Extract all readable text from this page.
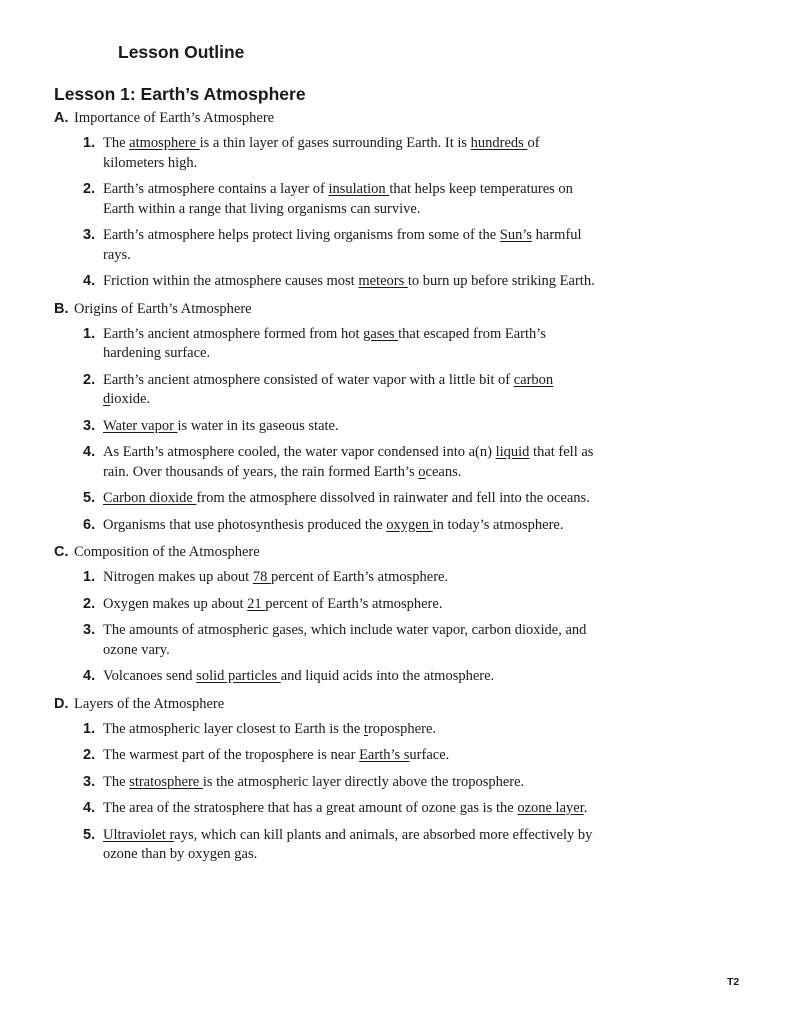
Lesson Outline
Lesson 1: Earth’s Atmosphere
A. Importance of Earth’s Atmosphere
1. The atmosphere is a thin layer of gases surrounding Earth. It is hundreds of kilometers high.
2. Earth’s atmosphere contains a layer of insulation that helps keep temperatures on Earth within a range that living organisms can survive.
3. Earth’s atmosphere helps protect living organisms from some of the Sun’s harmful rays.
4. Friction within the atmosphere causes most meteors to burn up before striking Earth.
B. Origins of Earth’s Atmosphere
1. Earth’s ancient atmosphere formed from hot gases that escaped from Earth’s hardening surface.
2. Earth’s ancient atmosphere consisted of water vapor with a little bit of carbon dioxide.
3. Water vapor is water in its gaseous state.
4. As Earth’s atmosphere cooled, the water vapor condensed into a(n) liquid that fell as rain. Over thousands of years, the rain formed Earth’s oceans.
5. Carbon dioxide from the atmosphere dissolved in rainwater and fell into the oceans.
6. Organisms that use photosynthesis produced the oxygen in today’s atmosphere.
C. Composition of the Atmosphere
1. Nitrogen makes up about 78 percent of Earth’s atmosphere.
2. Oxygen makes up about 21 percent of Earth’s atmosphere.
3. The amounts of atmospheric gases, which include water vapor, carbon dioxide, and ozone vary.
4. Volcanoes send solid particles and liquid acids into the atmosphere.
D. Layers of the Atmosphere
1. The atmospheric layer closest to Earth is the troposphere.
2. The warmest part of the troposphere is near Earth’s surface.
3. The stratosphere is the atmospheric layer directly above the troposphere.
4. The area of the stratosphere that has a great amount of ozone gas is the ozone layer.
5. Ultraviolet rays, which can kill plants and animals, are absorbed more effectively by ozone than by oxygen gas.
T2
